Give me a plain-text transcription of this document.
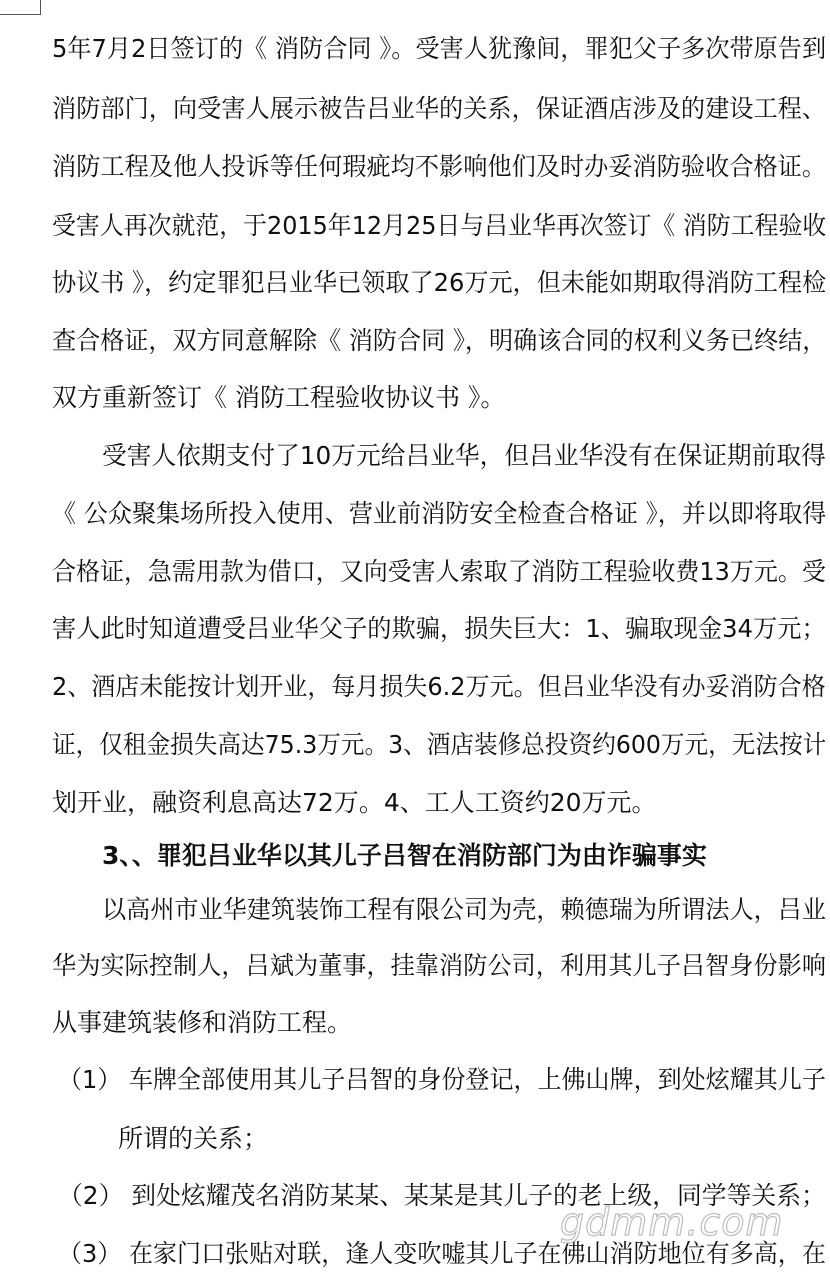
5年7月2日签订的《 消防合同 》。受害人犹豫间，罪犯父子多次带原告到
消防部门，向受害人展示被告吕业华的关系，保证酒店涉及的建设工程、
消防工程及他人投诉等任何瑕疵均不影响他们及时办妥消防验收合格证。
受害人再次就范，于2015年12月25日与吕业华再次签订《 消防工程验收
协议书 》，约定罪犯吕业华已领取了26万元，但未能如期取得消防工程检
查合格证，双方同意解除《 消防合同 》，明确该合同的权利义务已终结，
双方重新签订《 消防工程验收协议书 》。
受害人依期支付了10万元给吕业华，但吕业华没有在保证期前取得
《 公众聚集场所投入使用、营业前消防安全检查合格证 》，并以即将取得
合格证，急需用款为借口，又向受害人索取了消防工程验收费13万元。受
害人此时知道遭受吕业华父子的欺骗，损失巨大：1、骗取现金34万元；
2、酒店未能按计划开业，每月损失6.2万元。但吕业华没有办妥消防合格
证，仅租金损失高达75.3万元。3、酒店装修总投资约600万元，无法按计
划开业，融资利息高达72万。4、工人工资约20万元。
3、、罪犯吕业华以其儿子吕智在消防部门为由诈骗事实
以高州市业华建筑装饰工程有限公司为壳，赖德瑞为所谓法人，吕业
华为实际控制人，吕斌为董事，挂靠消防公司，利用其儿子吕智身份影响
从事建筑装修和消防工程。
（1） 车牌全部使用其儿子吕智的身份登记，上佛山牌，到处炫耀其儿子
所谓的关系；
（2） 到处炫耀茂名消防某某、某某是其儿子的老上级，同学等关系；
（3） 在家门口张贴对联，逢人变吹嘘其儿子在佛山消防地位有多高，在
gdmm.com
